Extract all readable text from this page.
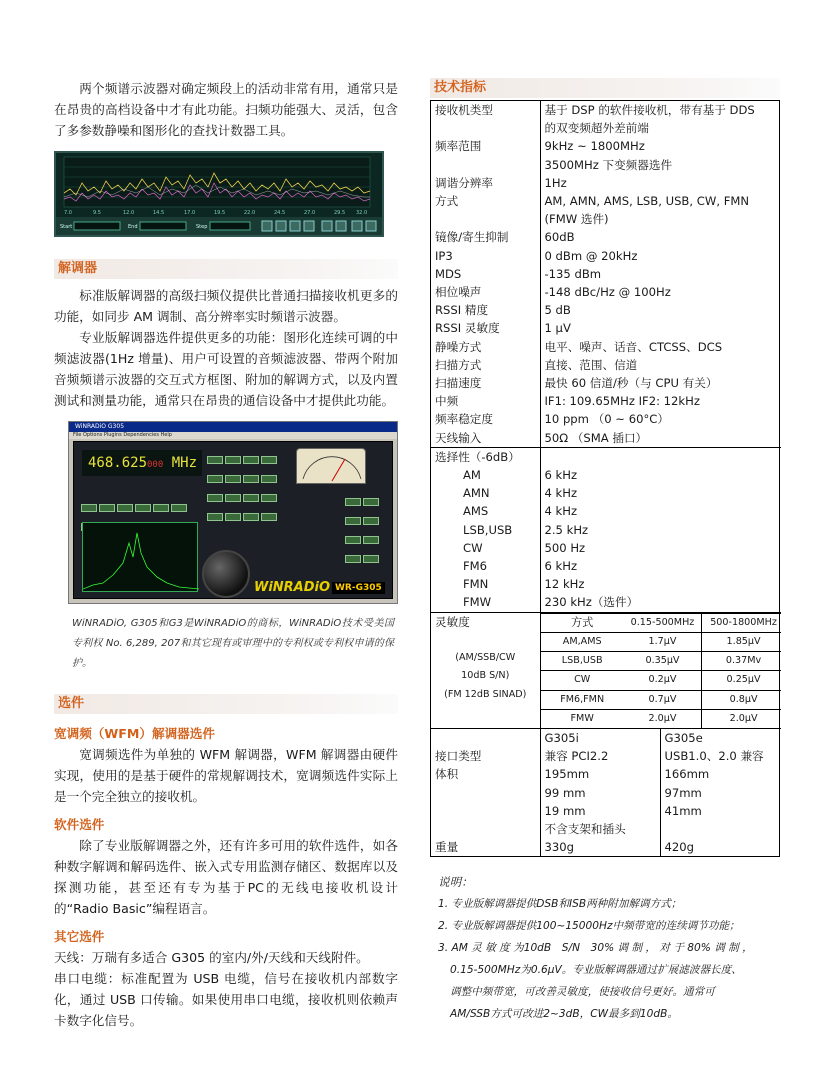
两个频谱示波器对确定频段上的活动非常有用，通常只是在昂贵的高档设备中才有此功能。扫频功能强大、灵活，包含了多参数静噪和图形化的查找计数器工具。

7.0	9.5	12.0	14.5	17.0	19.5	22.0	24.5	27.0	29.5 32.0
Start	End	Step
解调器

标准版解调器的高级扫频仪提供比普通扫描接收机更多的功能，如同步 AM 调制、高分辨率实时频谱示波器。

专业版解调器选件提供更多的功能：图形化连续可调的中频滤波器(1Hz 增量)、用户可设置的音频滤波器、带两个附加音频频谱示波器的交互式方框图、附加的解调方式，以及内置测试和测量功能，通常只在昂贵的通信设备中才提供此功能。

WiNRADiO G305
File Options Plugins Dependencies Help
468.625000 MHz

WiNRADiO WR-G305

WiNRADiO, G305和G3是WiNRADiO的商标，WiNRADiO技术受美国专利权 No. 6,289, 207和其它现有或审理中的专利权或专利权申请的保护。

选件
宽调频（WFM）解调器选件

宽调频选件为单独的 WFM 解调器，WFM 解调器由硬件实现，使用的是基于硬件的常规解调技术，宽调频选件实际上是一个完全独立的接收机。

软件选件

除了专业版解调器之外，还有许多可用的软件选件，如各种数字解调和解码选件、嵌入式专用监测存储区、数据库以及探测功能，甚至还有专为基于PC的无线电接收机设计的“Radio Basic”编程语言。

其它选件

天线：万瑞有多适合 G305 的室内/外/天线和天线附件。

串口电缆：标准配置为 USB 电缆，信号在接收机内部数字化，通过 USB 口传输。如果使用串口电缆，接收机则依赖声卡数字化信号。

技术指标
接收机类型	基于 DSP 的软件接收机，带有基于 DDS
	的双变频超外差前端
频率范围	9kHz ~ 1800MHz
	3500MHz 下变频器选件
调谐分辨率	1Hz
方式	AM, AMN, AMS, LSB, USB, CW, FMN
	(FMW 选件)
镜像/寄生抑制	60dB
IP3	0 dBm @ 20kHz
MDS	-135 dBm
相位噪声	-148 dBc/Hz @ 100Hz
RSSI 精度	5 dB
RSSI 灵敏度	1 μV
静噪方式	电平、噪声、话音、CTCSS、DCS
扫描方式	直接、范围、信道
扫描速度	最快 60 信道/秒（与 CPU 有关）
中频	IF1: 109.65MHz IF2: 12kHz
频率稳定度	10 ppm （0 ~ 60°C）
天线输入	50Ω （SMA 插口）
选择性（-6dB）	
AM	6 kHz
AMN	4 kHz
AMS	4 kHz
LSB,USB	2.5 kHz
CW	500 Hz
FM6	6 kHz
FMN	12 kHz
FMW	230 kHz（选件）
灵敏度

(AM/SSB/CW
10dB S/N)
(FM 12dB SINAD)

方式	0.15-500MHz	500-1800MHz
AM,AMS	1.7μV	1.85μV
LSB,USB	0.35μV	0.37Mv
CW	0.2μV	0.25μV
FM6,FMN	0.7μV	0.8μV
FMW	2.0μV	2.0μV
	G305i	G305e
接口类型	兼容 PCI2.2	USB1.0、2.0 兼容
体积	195mm	166mm
	99 mm	97mm
	19 mm	41mm
	不含支架和插头	
重量	330g	420g
说明：

1. 专业版解调器提供DSB和ISB两种附加解调方式；

2. 专业版解调器提供100~15000Hz中频带宽的连续调节功能；

3. AM 灵 敏 度 为10dB　S/N　30% 调 制 ， 对 于 80% 调 制 ，

0.15-500MHz为0.6μV。专业版解调器通过扩展滤波器长度、

调整中频带宽，可改善灵敏度，使接收信号更好。通常可

AM/SSB方式可改进2~3dB，CW最多到10dB。
